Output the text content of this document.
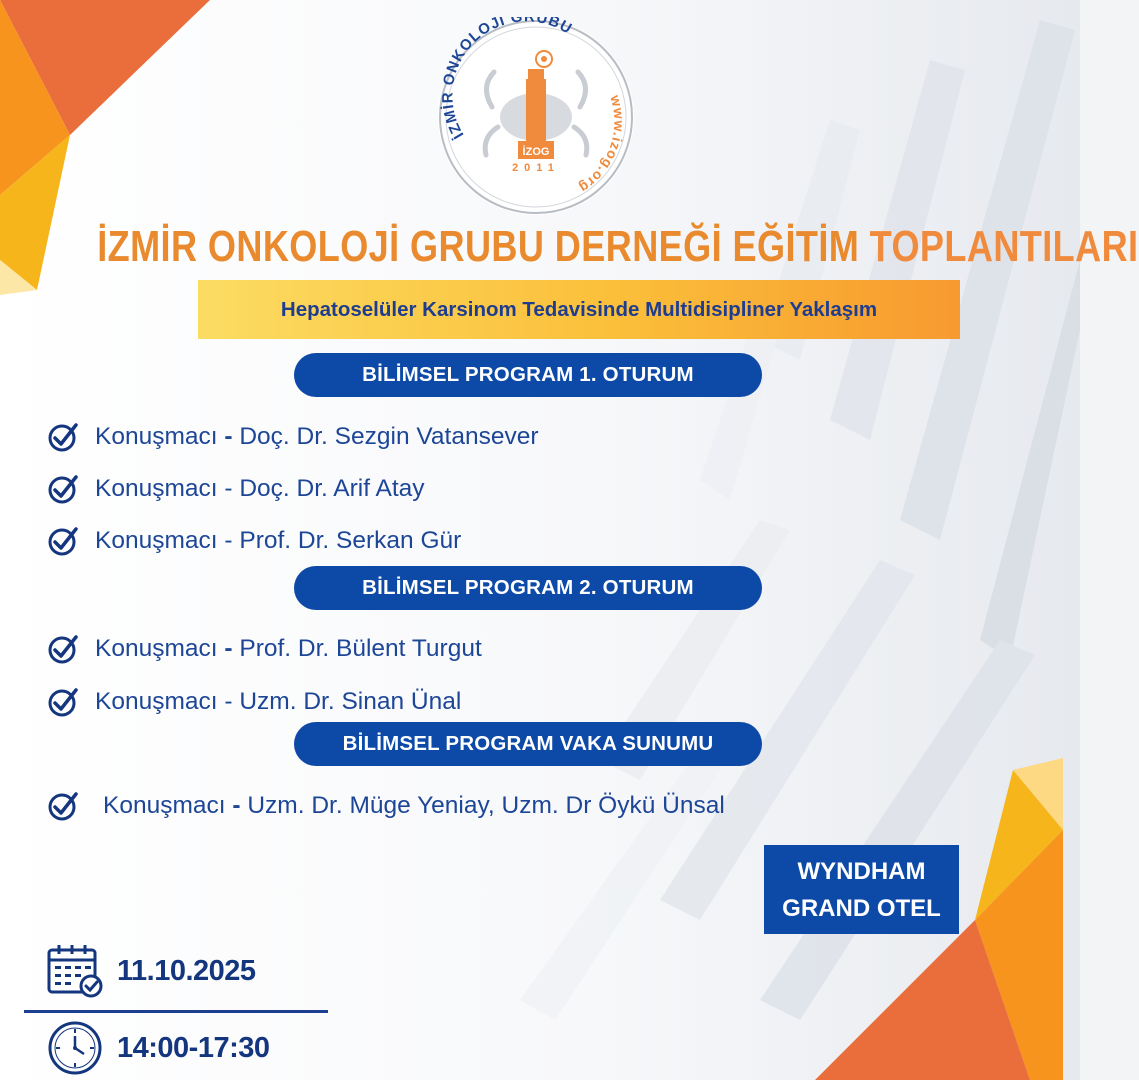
İZOG
2011
İZMİR ONKOLOJİ G UBU
www.izog.org
İZMİR ONKOLOJİ GRUBU DERNEĞİ EĞİTİM TOPLANTILARI
Hepatoselüler Karsinom Tedavisinde Multidisipliner Yaklaşım
BİLİMSEL PROGRAM 1. OTURUM
Konuşmacı - Doç. Dr. Sezgin Vatansever
Konuşmacı - Doç. Dr. Arif Atay
Konuşmacı - Prof. Dr. Serkan Gür
BİLİMSEL PROGRAM 2. OTURUM
Konuşmacı - Prof. Dr. Bülent Turgut
Konuşmacı - Uzm. Dr. Sinan Ünal
BİLİMSEL PROGRAM VAKA SUNUMU
Konuşmacı - Uzm. Dr. Müge Yeniay, Uzm. Dr Öykü Ünsal
WYNDHAM
GRAND OTEL
11.10.2025
14:00-17:30
